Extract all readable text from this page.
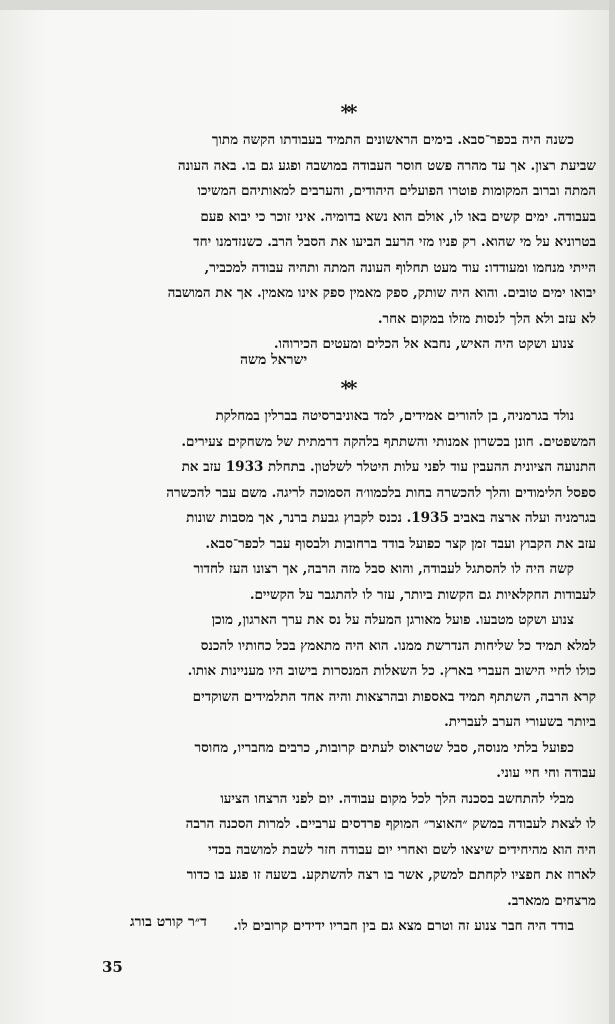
**

כשנה היה בכפר־סבא. בימים הראשונים התמיד בעבודתו הקשה מתוך

שביעת רצון. אך עד מהרה פשט חוסר העבודה במושבה ופגע גם בו. באה העונה

המתה וברוב המקומות פוטרו הפועלים היהודים, והערבים למאותיהם המשיכו

בעבודה. ימים קשים באו לו, אולם הוא נשא בדומיה. איני זוכר כי יבוא פעם

בטרוניא על מי שהוא. רק פניו מזי הרעב הביעו את הסבל הרב. כשנזדמנו יחד

הייתי מנחמו ומעודדו: עוד מעט תחלוף העונה המתה ותהיה עבודה למכביר,

יבואו ימים טובים. והוא היה שותק, ספק מאמין ספק אינו מאמין. אך את המושבה

לא עזב ולא הלך לנסות מזלו במקום אחר.

צנוע ושקט היה האיש, נחבא אל הכלים ומעטים הכירוהו.

ישראל משה
**

נולד בגרמניה, בן להורים אמידים, למד באוניברסיטה בברלין במחלקת

המשפטים. חונן בכשרון אמנותי והשתתף בלהקה דרמתית של משחקים צעירים.

התנועה הציונית ההעבין עוד לפני עלות היטלר לשלטון. בתחלת 1933 עזב את

ספסל הלימודים והלך להכשרה בחות בלכמוו׳ה הסמוכה לריגה. משם עבר להכשרה

בגרמניה ועלה ארצה באביב 1935. נכנס לקבוץ גבעת ברנר, אך מסבות שונות

עזב את הקבוץ ועבד זמן קצר כפועל בודד ברחובות ולבסוף עבר לכפר־סבא.

קשה היה לו להסתגל לעבודה, והוא סבל מזה הרבה, אך רצונו העז לחדור

לעבודות החקלאיות גם הקשות ביותר, עזר לו להתגבר על הקשיים.

צנוע ושקט מטבעו. פועל מאורגן המעלה על נס את ערך הארגון, מוכן

למלא תמיד כל שליחות הנדרשת ממנו. הוא היה מתאמץ בכל כחותיו להכנס

כולו לחיי הישוב העברי בארץ. כל השאלות המנסרות בישוב היו מעניינות אותו.

קרא הרבה, השתתף תמיד באספות ובהרצאות והיה אחד התלמידים השוקדים

ביותר בשעורי הערב לעברית.

כפועל בלתי מנוסה, סבל שטראוס לעתים קרובות, כרבים מחבריו, מחוסר

עבודה וחי חיי עוני.

מבלי להתחשב בסכנה הלך לכל מקום עבודה. יום לפני הרצחו הציעו

לו לצאת לעבודה במשק ״האוצר״ המוקף פרדסים ערביים. למרות הסכנה הרבה

היה הוא מהיחידים שיצאו לשם ואחרי יום עבודה חזר לשבת למושבה בכדי

לארוז את חפציו לקחתם למשק, אשר בו רצה להשתקע. בשעה זו פגע בו כדור

מרצחים ממארב.

בודד היה חבר צנוע זה וטרם מצא גם בין חבריו ידידים קרובים לו.

ד״ר קורט בורג
35
